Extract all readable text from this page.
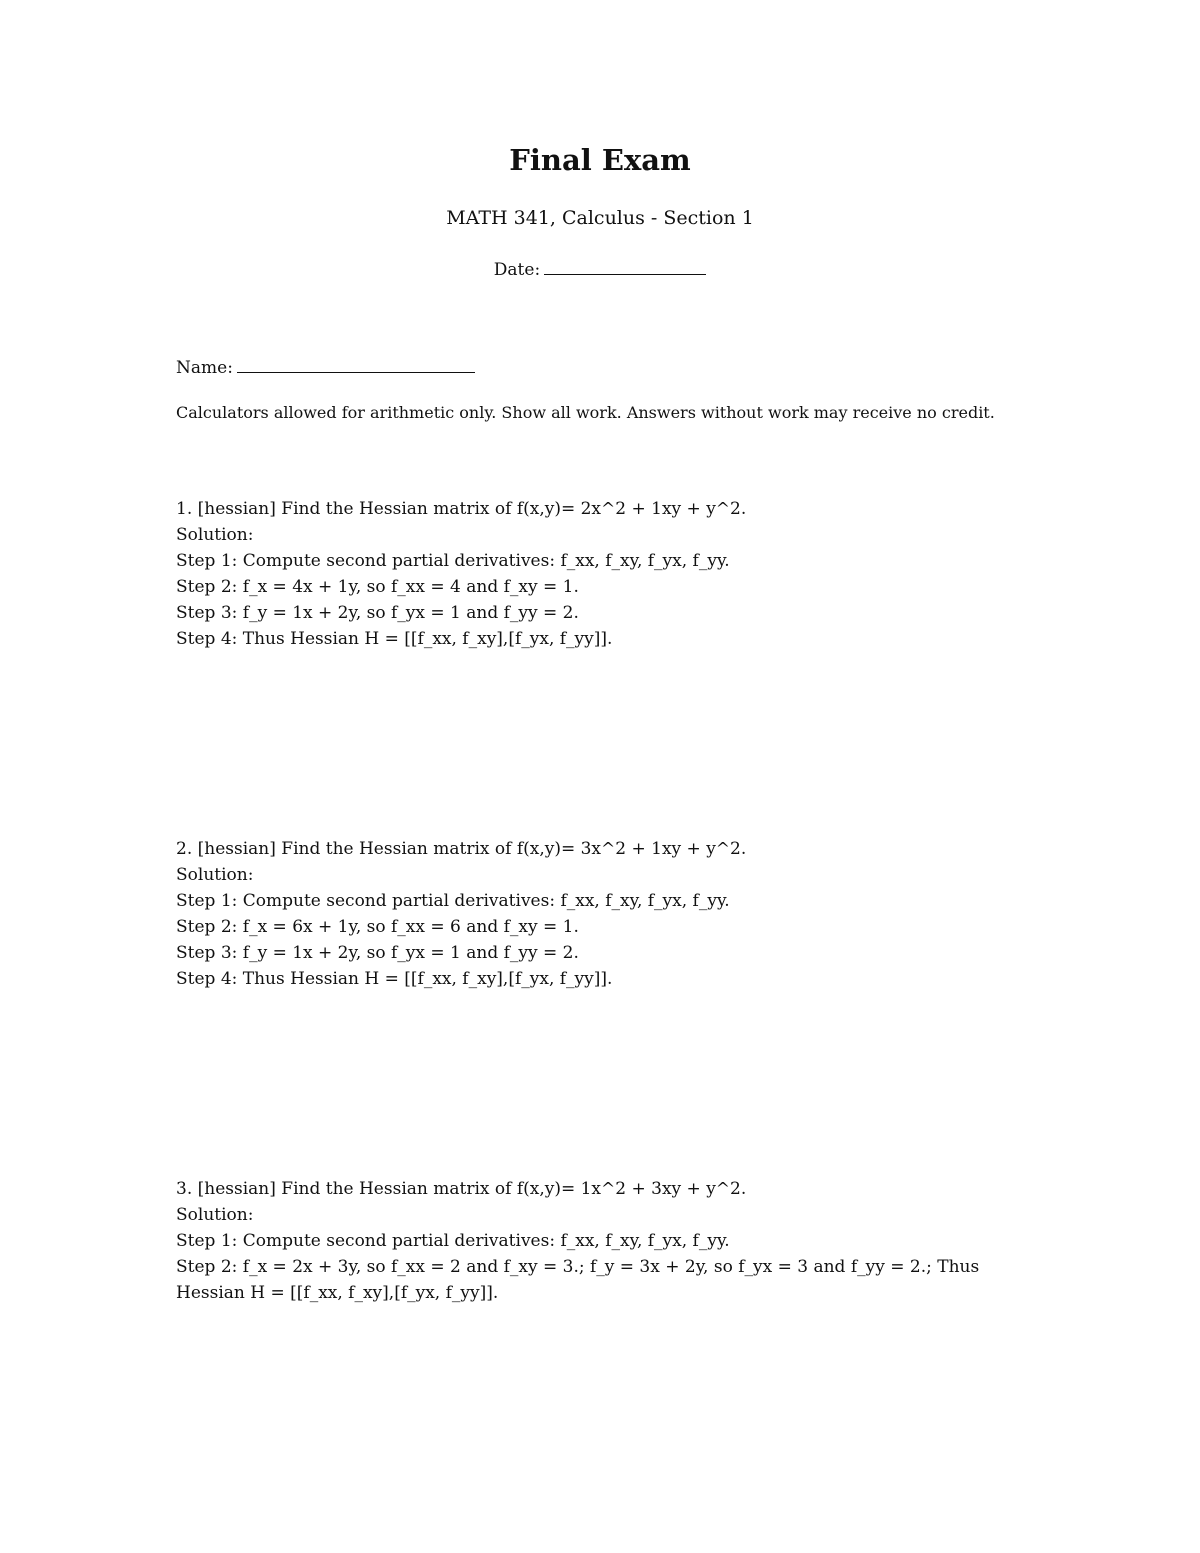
Final Exam
MATH 341, Calculus - Section 1
Date:
Name:
Calculators allowed for arithmetic only. Show all work. Answers without work may receive no credit.

1. [hessian] Find the Hessian matrix of f(x,y)= 2x^2 + 1xy + y^2.

Solution:

Step 1: Compute second partial derivatives: f_xx, f_xy, f_yx, f_yy.

Step 2: f_x = 4x + 1y, so f_xx = 4 and f_xy = 1.

Step 3: f_y = 1x + 2y, so f_yx = 1 and f_yy = 2.

Step 4: Thus Hessian H = [[f_xx, f_xy],[f_yx, f_yy]].

2. [hessian] Find the Hessian matrix of f(x,y)= 3x^2 + 1xy + y^2.

Solution:

Step 1: Compute second partial derivatives: f_xx, f_xy, f_yx, f_yy.

Step 2: f_x = 6x + 1y, so f_xx = 6 and f_xy = 1.

Step 3: f_y = 1x + 2y, so f_yx = 1 and f_yy = 2.

Step 4: Thus Hessian H = [[f_xx, f_xy],[f_yx, f_yy]].

3. [hessian] Find the Hessian matrix of f(x,y)= 1x^2 + 3xy + y^2.

Solution:

Step 1: Compute second partial derivatives: f_xx, f_xy, f_yx, f_yy.

Step 2: f_x = 2x + 3y, so f_xx = 2 and f_xy = 3.; f_y = 3x + 2y, so f_yx = 3 and f_yy = 2.; Thus Hessian H = [[f_xx, f_xy],[f_yx, f_yy]].
